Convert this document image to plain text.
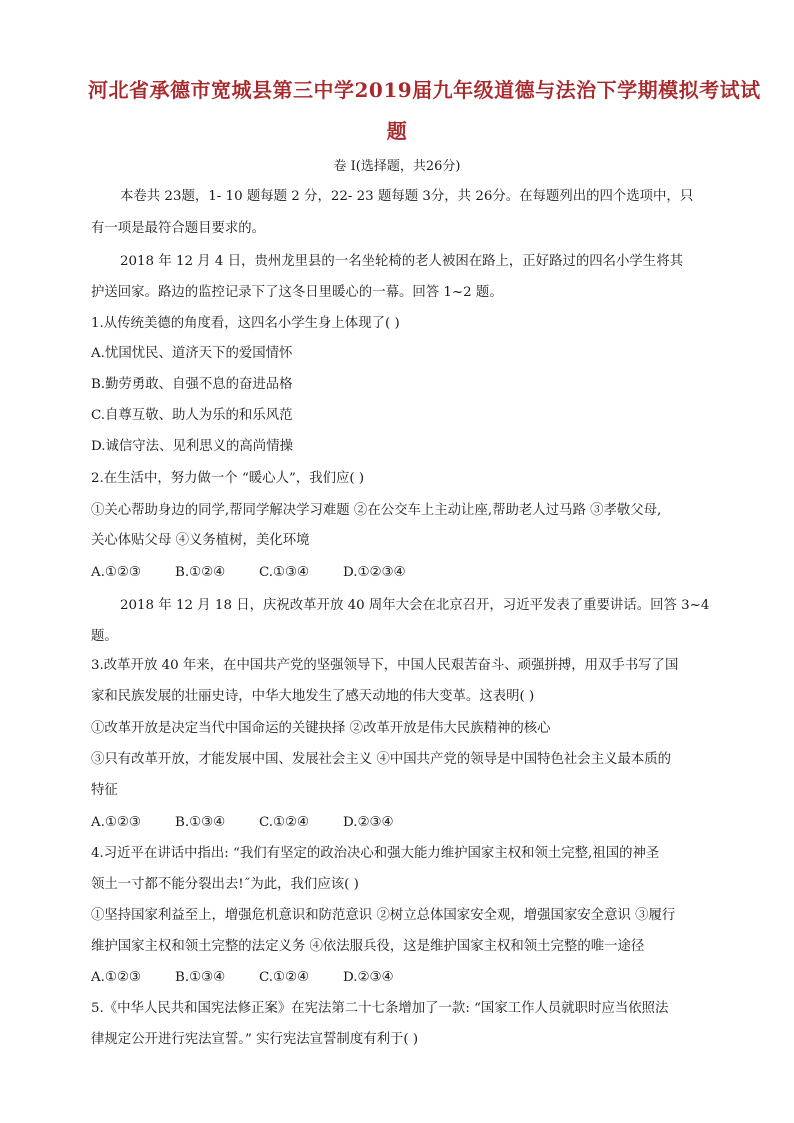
河北省承德市宽城县第三中学2019届九年级道德与法治下学期模拟考试试
题
卷 I(选择题，共26分)
本卷共 23题，1- 10 题每题 2 分，22- 23 题每题 3分，共 26分。在每题列出的四个选项中，只
有一项是最符合题目要求的。
2018 年 12 月 4 日，贵州龙里县的一名坐轮椅的老人被困在路上，正好路过的四名小学生将其
护送回家。路边的监控记录下了这冬日里暖心的一幕。回答 1~2 题。
1.从传统美德的角度看，这四名小学生身上体现了( )
A.忧国忧民、道济天下的爱国情怀
B.勤劳勇敢、自强不息的奋进品格
C.自尊互敬、助人为乐的和乐风范
D.诚信守法、见利思义的高尚情操
2.在生活中，努力做一个 “暖心人”，我们应( )
①关心帮助身边的同学,帮同学解决学习难题 ②在公交车上主动让座,帮助老人过马路 ③孝敬父母,
关心体贴父母 ④义务植树，美化环境
A.①②③	B.①②④	C.①③④	D.①②③④
2018 年 12 月 18 日，庆祝改革开放 40 周年大会在北京召开，习近平发表了重要讲话。回答 3~4
题。
3.改革开放 40 年来，在中国共产党的坚强领导下，中国人民艰苦奋斗、顽强拼搏，用双手书写了国
家和民族发展的壮丽史诗，中华大地发生了感天动地的伟大变革。这表明( )
①改革开放是决定当代中国命运的关键抉择 ②改革开放是伟大民族精神的核心
③只有改革开放，才能发展中国、发展社会主义 ④中国共产党的领导是中国特色社会主义最本质的
特征
A.①②③	B.①③④	C.①②④	D.②③④
4.习近平在讲话中指出: “我们有坚定的政治决心和强大能力维护国家主权和领土完整,祖国的神圣
领土一寸都不能分裂出去!˝为此，我们应该( )
①坚持国家利益至上，增强危机意识和防范意识 ②树立总体国家安全观，增强国家安全意识 ③履行
维护国家主权和领土完整的法定义务 ④依法服兵役，这是维护国家主权和领土完整的唯一途径
A.①②③	B.①③④	C.①②④	D.②③④
5.《中华人民共和国宪法修正案》在宪法第二十七条增加了一款: “国家工作人员就职时应当依照法
律规定公开进行宪法宣誓。” 实行宪法宣誓制度有利于( )
